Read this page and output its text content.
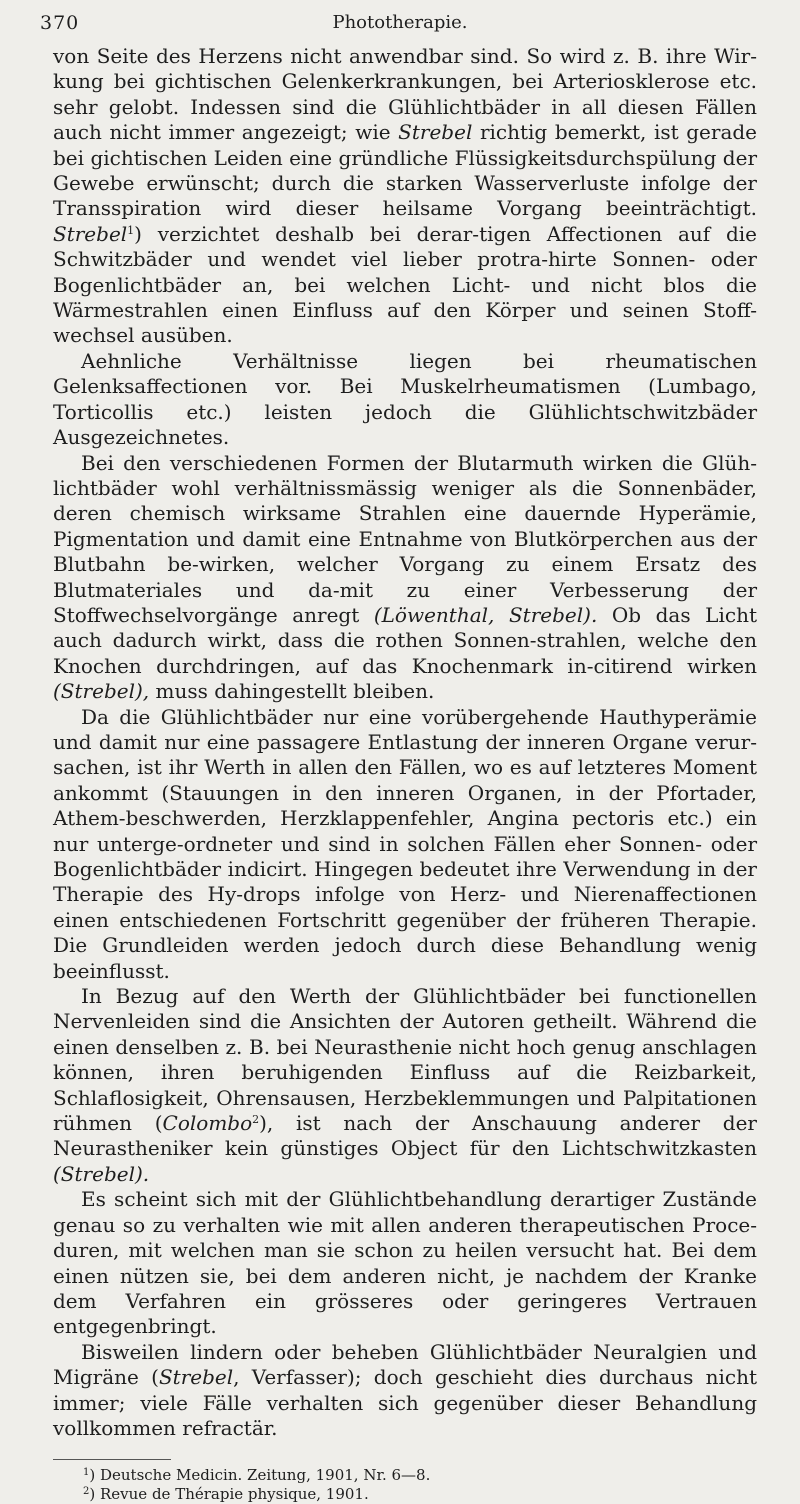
370	Phototherapie.

von Seite des Herzens nicht anwendbar sind. So wird z. B. ihre Wir-kung bei gichtischen Gelenkerkrankungen, bei Arteriosklerose etc. sehr gelobt. Indessen sind die Glühlichtbäder in all diesen Fällen auch nicht immer angezeigt; wie Strebel richtig bemerkt, ist gerade bei gichtischen Leiden eine gründliche Flüssigkeitsdurchspülung der Gewebe erwünscht; durch die starken Wasserverluste infolge der Transspiration wird dieser heilsame Vorgang beeinträchtigt. Strebel$^1$) verzichtet deshalb bei derar-tigen Affectionen auf die Schwitzbäder und wendet viel lieber protra-hirte Sonnen- oder Bogenlichtbäder an, bei welchen Licht- und nicht blos die Wärmestrahlen einen Einfluss auf den Körper und seinen Stoff-wechsel ausüben.

Aehnliche Verhältnisse liegen bei rheumatischen Gelenksaffectionen vor. Bei Muskelrheumatismen (Lumbago, Torticollis etc.) leisten jedoch die Glühlichtschwitzbäder Ausgezeichnetes.

Bei den verschiedenen Formen der Blutarmuth wirken die Glüh-lichtbäder wohl verhältnissmässig weniger als die Sonnenbäder, deren chemisch wirksame Strahlen eine dauernde Hyperämie, Pigmentation und damit eine Entnahme von Blutkörperchen aus der Blutbahn be-wirken, welcher Vorgang zu einem Ersatz des Blutmateriales und da-mit zu einer Verbesserung der Stoffwechselvorgänge anregt (Löwenthal, Strebel). Ob das Licht auch dadurch wirkt, dass die rothen Sonnen-strahlen, welche den Knochen durchdringen, auf das Knochenmark in-citirend wirken (Strebel), muss dahingestellt bleiben.

Da die Glühlichtbäder nur eine vorübergehende Hauthyperämie und damit nur eine passagere Entlastung der inneren Organe verur-sachen, ist ihr Werth in allen den Fällen, wo es auf letzteres Moment ankommt (Stauungen in den inneren Organen, in der Pfortader, Athem-beschwerden, Herzklappenfehler, Angina pectoris etc.) ein nur unterge-ordneter und sind in solchen Fällen eher Sonnen- oder Bogenlichtbäder indicirt. Hingegen bedeutet ihre Verwendung in der Therapie des Hy-drops infolge von Herz- und Nierenaffectionen einen entschiedenen Fortschritt gegenüber der früheren Therapie. Die Grundleiden werden jedoch durch diese Behandlung wenig beeinflusst.

In Bezug auf den Werth der Glühlichtbäder bei functionellen Nervenleiden sind die Ansichten der Autoren getheilt. Während die einen denselben z. B. bei Neurasthenie nicht hoch genug anschlagen können, ihren beruhigenden Einfluss auf die Reizbarkeit, Schlaflosigkeit, Ohrensausen, Herzbeklemmungen und Palpitationen rühmen (Colombo$^2$), ist nach der Anschauung anderer der Neurastheniker kein günstiges Object für den Lichtschwitzkasten (Strebel).

Es scheint sich mit der Glühlichtbehandlung derartiger Zustände genau so zu verhalten wie mit allen anderen therapeutischen Proce-duren, mit welchen man sie schon zu heilen versucht hat. Bei dem einen nützen sie, bei dem anderen nicht, je nachdem der Kranke dem Verfahren ein grösseres oder geringeres Vertrauen entgegenbringt.

Bisweilen lindern oder beheben Glühlichtbäder Neuralgien und Migräne (Strebel, Verfasser); doch geschieht dies durchaus nicht immer; viele Fälle verhalten sich gegenüber dieser Behandlung vollkommen refractär.

$^1$) Deutsche Medicin. Zeitung, 1901, Nr. 6—8.
$^2$) Revue de Thérapie physique, 1901.
